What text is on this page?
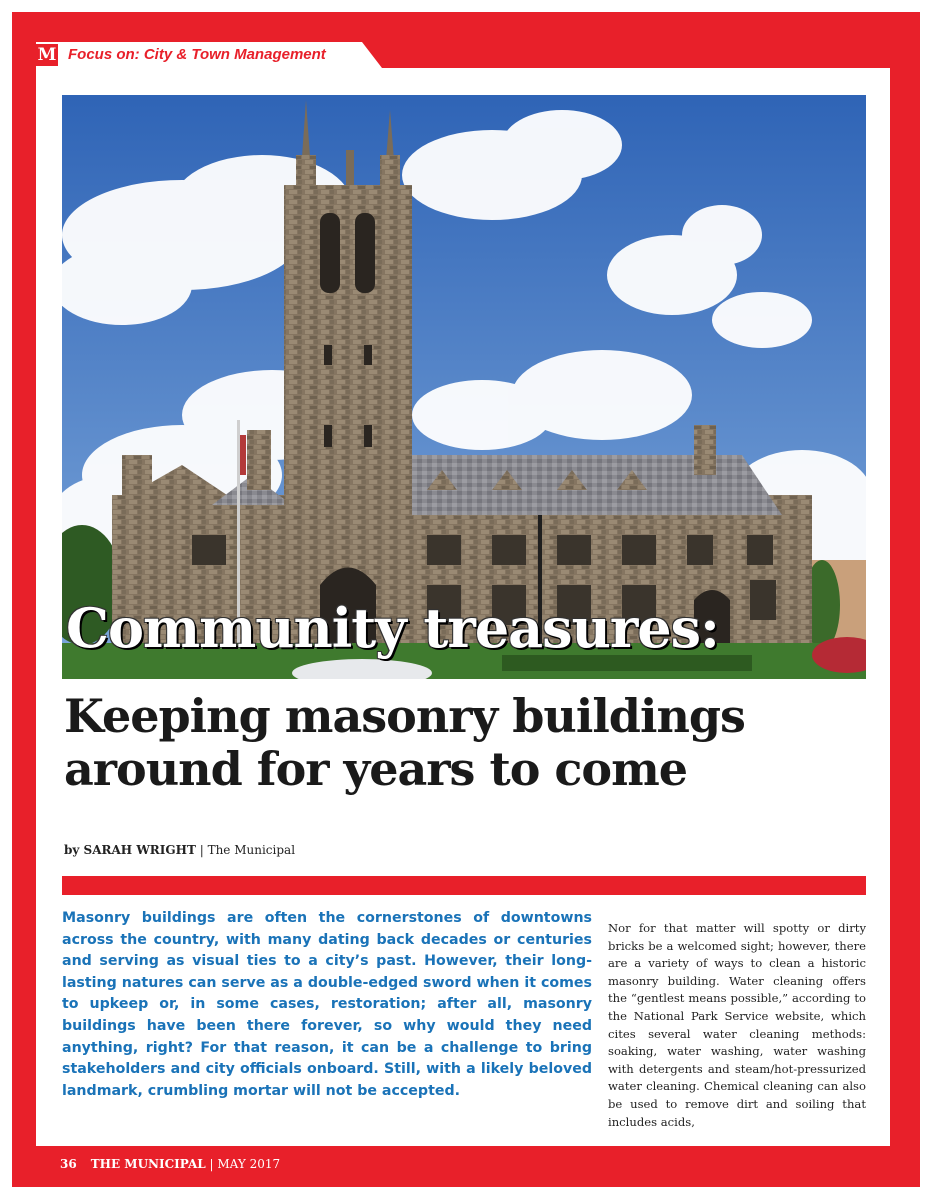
M Focus on: City & Town Management
Community treasures:
Keeping masonry buildings around for years to come
by SARAH WRIGHT | The Municipal
Masonry buildings are often the cornerstones of downtowns across the country, with many dating back decades or centuries and serving as visual ties to a city’s past. However, their long-lasting natures can serve as a double-edged sword when it comes to upkeep or, in some cases, restoration; after all, masonry buildings have been there forever, so why would they need anything, right? For that reason, it can be a challenge to bring stakeholders and city officials onboard. Still, with a likely beloved landmark, crumbling mortar will not be accepted.
Nor for that matter will spotty or dirty bricks be a welcomed sight; however, there are a variety of ways to clean a historic masonry building. Water cleaning offers the “gentlest means possible,” according to the National Park Service website, which cites several water cleaning methods: soaking, water washing, water washing with detergents and steam/hot-pressurized water cleaning. Chemical cleaning can also be used to remove dirt and soiling that includes acids,
36 THE MUNICIPAL | MAY 2017
